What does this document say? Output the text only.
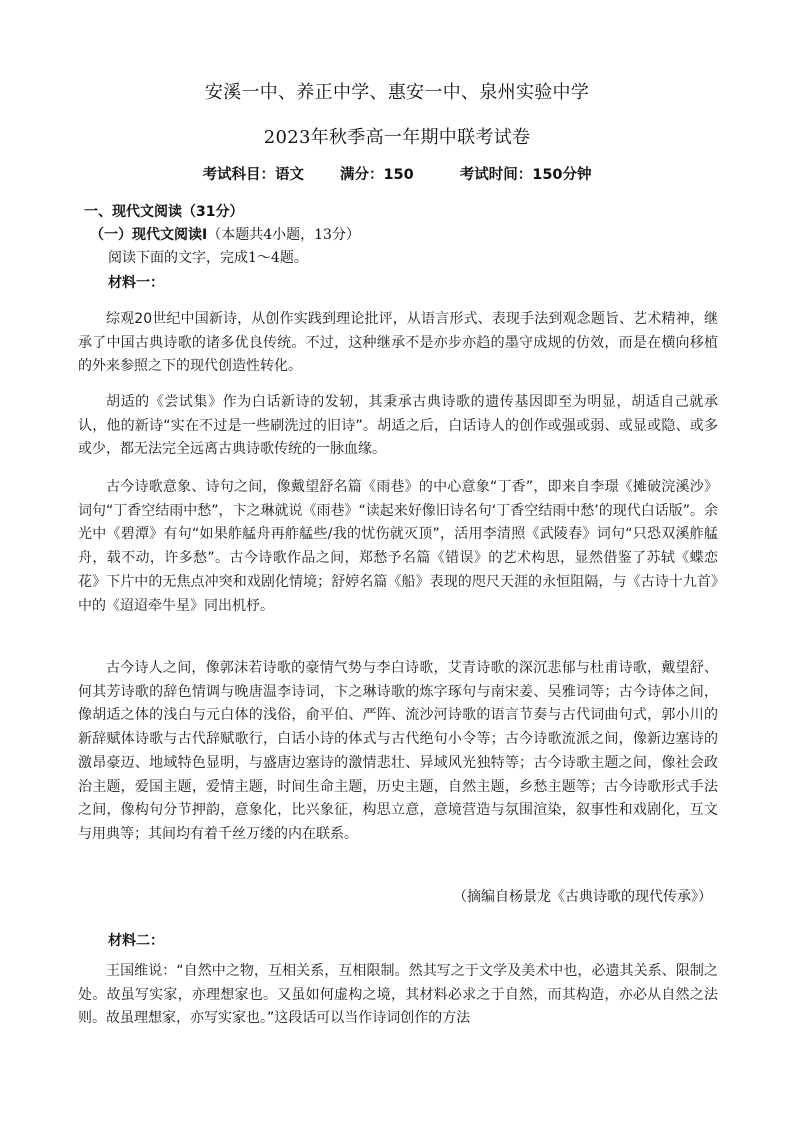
安溪一中、养正中学、惠安一中、泉州实验中学
2023年秋季高一年期中联考试卷
考试科目：语文 满分：150	考试时间：150分钟
一、现代文阅读（31分）
（一）现代文阅读Ⅰ（本题共4小题，13分）
阅读下面的文字，完成1～4题。
材料一：
综观20世纪中国新诗，从创作实践到理论批评，从语言形式、表现手法到观念题旨、艺术精神，继承了中国古典诗歌的诸多优良传统。不过，这种继承不是亦步亦趋的墨守成规的仿效，而是在横向移植的外来参照之下的现代创造性转化。
胡适的《尝试集》作为白话新诗的发轫，其秉承古典诗歌的遗传基因即至为明显，胡适自己就承认，他的新诗“实在不过是一些刷洗过的旧诗”。胡适之后，白话诗人的创作或强或弱、或显或隐、或多或少，都无法完全远离古典诗歌传统的一脉血缘。
古今诗歌意象、诗句之间，像戴望舒名篇《雨巷》的中心意象“丁香”，即来自李璟《摊破浣溪沙》词句“丁香空结雨中愁”，卞之琳就说《雨巷》“读起来好像旧诗名句‘丁香空结雨中愁’的现代白话版”。余光中《碧潭》有句“如果舴艋舟再舴艋些/我的忧伤就灭顶”，活用李清照《武陵春》词句“只恐双溪舴艋舟，载不动，许多愁”。古今诗歌作品之间，郑愁予名篇《错误》的艺术构思，显然借鉴了苏轼《蝶恋花》下片中的无焦点冲突和戏剧化情境；舒婷名篇《船》表现的咫尺天涯的永恒阻隔，与《古诗十九首》中的《迢迢牵牛星》同出机杼。
古今诗人之间，像郭沫若诗歌的豪情气势与李白诗歌，艾青诗歌的深沉悲郁与杜甫诗歌，戴望舒、何其芳诗歌的辞色情调与晚唐温李诗词，卞之琳诗歌的炼字琢句与南宋姜、吴雅词等；古今诗体之间，像胡适之体的浅白与元白体的浅俗，俞平伯、严阵、流沙河诗歌的语言节奏与古代词曲句式，郭小川的新辞赋体诗歌与古代辞赋歌行，白话小诗的体式与古代绝句小令等；古今诗歌流派之间，像新边塞诗的激昂豪迈、地域特色显明，与盛唐边塞诗的激情悲壮、异域风光独特等；古今诗歌主题之间，像社会政治主题，爱国主题，爱情主题，时间生命主题，历史主题，自然主题，乡愁主题等；古今诗歌形式手法之间，像构句分节押韵，意象化，比兴象征，构思立意，意境营造与氛围渲染，叙事性和戏剧化，互文与用典等；其间均有着千丝万缕的内在联系。
（摘编自杨景龙《古典诗歌的现代传承》）
材料二：
王国维说：“自然中之物，互相关系，互相限制。然其写之于文学及美术中也，必遗其关系、限制之处。故虽写实家，亦理想家也。又虽如何虚构之境，其材料必求之于自然，而其构造，亦必从自然之法则。故虽理想家，亦写实家也。”这段话可以当作诗词创作的方法
